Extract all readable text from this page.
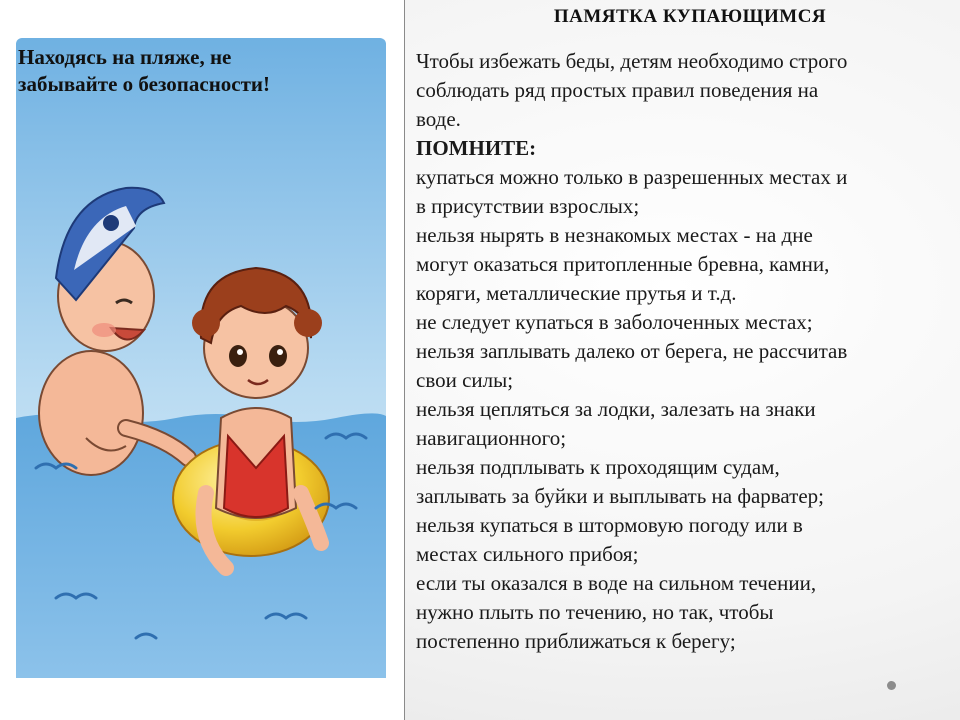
Находясь на пляже, не
забывайте о безопасности!
ПАМЯТКА КУПАЮЩИМСЯ
Чтобы избежать беды, детям необходимо строго
соблюдать ряд простых правил поведения на
воде.
ПОМНИТЕ:
купаться можно только в разрешенных местах и
в присутствии взрослых;
нельзя нырять в незнакомых местах - на дне
могут оказаться притопленные бревна, камни,
коряги, металлические прутья и т.д.
не следует купаться в заболоченных местах;
нельзя заплывать далеко от берега, не рассчитав
свои силы;
нельзя цепляться за лодки, залезать на знаки
навигационного;
нельзя подплывать к проходящим судам,
заплывать за буйки и выплывать на фарватер;
нельзя купаться в штормовую погоду или в
местах сильного прибоя;
если ты оказался в воде на сильном течении,
нужно плыть по течению, но так, чтобы
постепенно приближаться к берегу;
